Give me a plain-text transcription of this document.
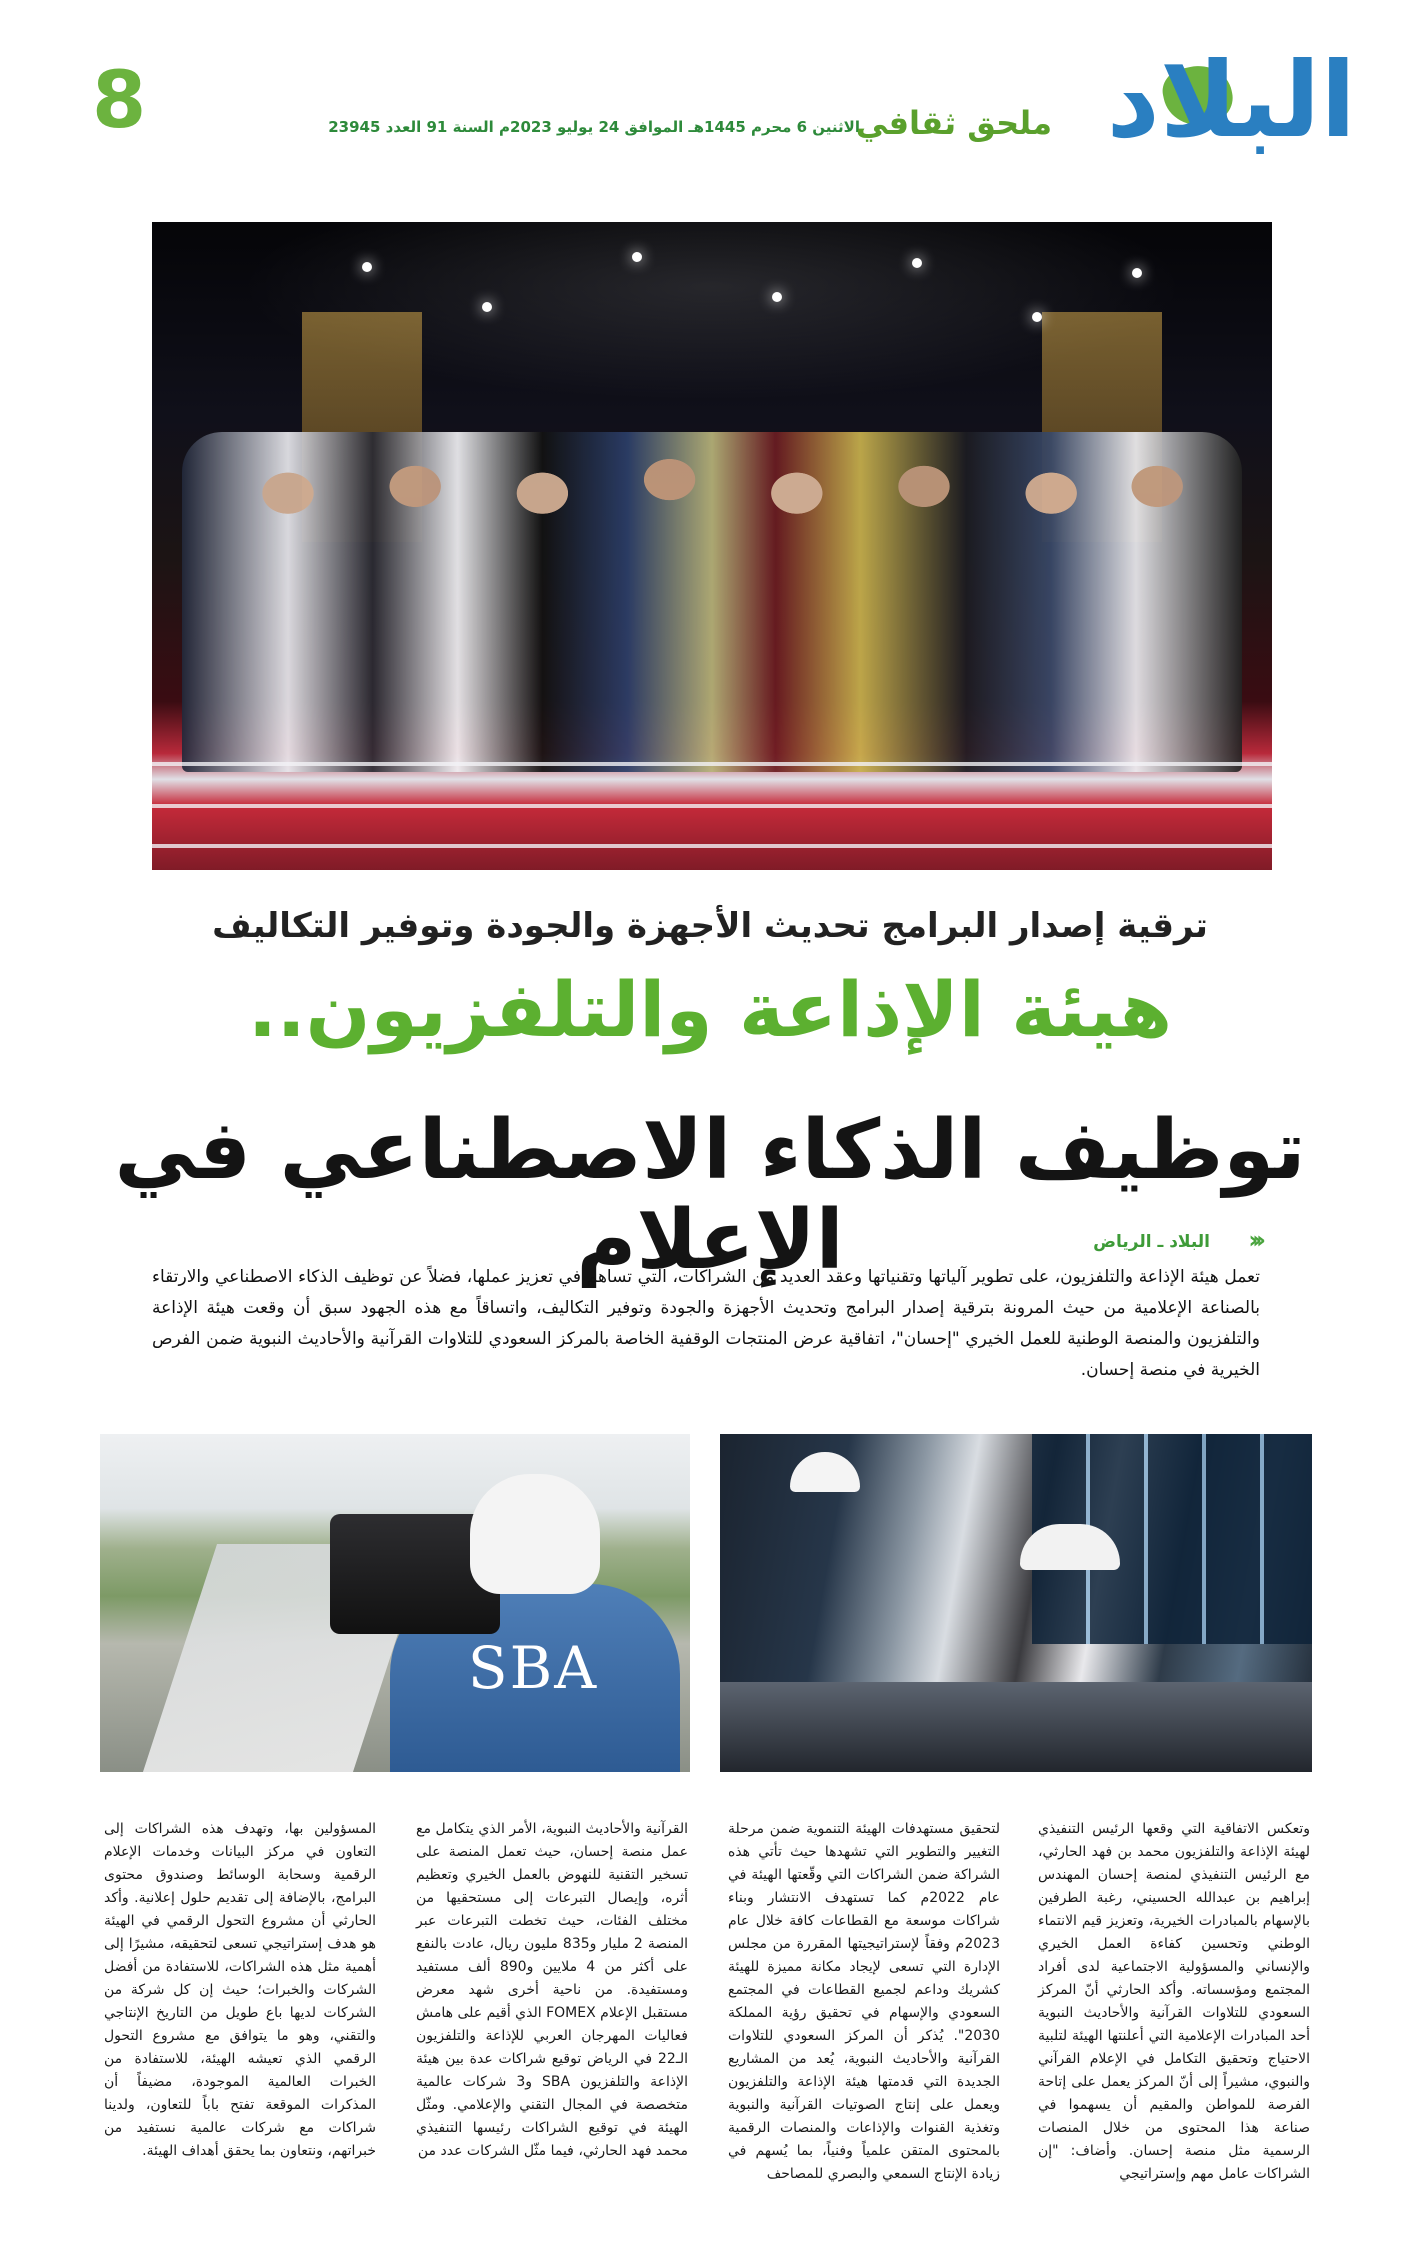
8	الاثنين 6 محرم 1445هـ الموافق 24 يوليو 2023م السنة 91 العدد 23945
ملحق ثقافي البلاد
ترقية إصدار البرامج تحديث الأجهزة والجودة وتوفير التكاليف
هيئة الإذاعة والتلفزيون..
توظيف الذكاء الاصطناعي في الإعلام	‹‹‹
البلاد ـ الرياض
تعمل هيئة الإذاعة والتلفزيون، على تطوير آلياتها وتقنياتها وعقد العديد من الشراكات، التي تساهم في تعزيز عملها، فضلاً عن توظيف الذكاء الاصطناعي والارتقاء بالصناعة الإعلامية من حيث المرونة بترقية إصدار البرامج وتحديث الأجهزة والجودة وتوفير التكاليف، واتساقاً مع هذه الجهود سبق أن وقعت هيئة الإذاعة والتلفزيون والمنصة الوطنية للعمل الخيري "إحسان"، اتفاقية عرض المنتجات الوقفية الخاصة بالمركز السعودي للتلاوات القرآنية والأحاديث النبوية ضمن الفرص الخيرية في منصة إحسان.
SBA
وتعكس الاتفاقية التي وقعها الرئيس التنفيذي لهيئة الإذاعة والتلفزيون محمد بن فهد الحارثي، مع الرئيس التنفيذي لمنصة إحسان المهندس إبراهيم بن عبدالله الحسيني، رغبة الطرفين بالإسهام بالمبادرات الخيرية، وتعزيز قيم الانتماء الوطني وتحسين كفاءة العمل الخيري والإنساني والمسؤولية الاجتماعية لدى أفراد المجتمع ومؤسساته. وأكد الحارثي أنّ المركز السعودي للتلاوات القرآنية والأحاديث النبوية أحد المبادرات الإعلامية التي أعلنتها الهيئة لتلبية الاحتياج وتحقيق التكامل في الإعلام القرآني والنبوي، مشيراً إلى أنّ المركز يعمل على إتاحة الفرصة للمواطن والمقيم أن يسهموا في صناعة هذا المحتوى من خلال المنصات الرسمية مثل منصة إحسان. وأضاف: "إن الشراكات عامل مهم وإستراتيجي
لتحقيق مستهدفات الهيئة التنموية ضمن مرحلة التغيير والتطوير التي تشهدها حيث تأتي هذه الشراكة ضمن الشراكات التي وقّعتها الهيئة في عام 2022م كما تستهدف الانتشار وبناء شراكات موسعة مع القطاعات كافة خلال عام 2023م وفقاً لإستراتيجيتها المقررة من مجلس الإدارة التي تسعى لإيجاد مكانة مميزة للهيئة كشريك وداعم لجميع القطاعات في المجتمع السعودي والإسهام في تحقيق رؤية المملكة 2030". يُذكر أن المركز السعودي للتلاوات القرآنية والأحاديث النبوية، يُعد من المشاريع الجديدة التي قدمتها هيئة الإذاعة والتلفزيون ويعمل على إنتاج الصوتيات القرآنية والنبوية وتغذية القنوات والإذاعات والمنصات الرقمية بالمحتوى المتقن علمياً وفنياً، بما يُسهم في زيادة الإنتاج السمعي والبصري للمصاحف
القرآنية والأحاديث النبوية، الأمر الذي يتكامل مع عمل منصة إحسان، حيث تعمل المنصة على تسخير التقنية للنهوض بالعمل الخيري وتعظيم أثره، وإيصال التبرعات إلى مستحقيها من مختلف الفئات، حيث تخطت التبرعات عبر المنصة 2 مليار و835 مليون ريال، عادت بالنفع على أكثر من 4 ملايين و890 ألف مستفيد ومستفيدة. من ناحية أخرى شهد معرض مستقبل الإعلام FOMEX الذي أقيم على هامش فعاليات المهرجان العربي للإذاعة والتلفزيون الـ22 في الرياض توقيع شراكات عدة بين هيئة الإذاعة والتلفزيون SBA و3 شركات عالمية متخصصة في المجال التقني والإعلامي. ومثّل الهيئة في توقيع الشراكات رئيسها التنفيذي محمد فهد الحارثي، فيما مثّل الشركات عدد من
المسؤولين بها، وتهدف هذه الشراكات إلى التعاون في مركز البيانات وخدمات الإعلام الرقمية وسحابة الوسائط وصندوق محتوى البرامج، بالإضافة إلى تقديم حلول إعلانية. وأكد الحارثي أن مشروع التحول الرقمي في الهيئة هو هدف إستراتيجي تسعى لتحقيقه، مشيرًا إلى أهمية مثل هذه الشراكات، للاستفادة من أفضل الشركات والخبرات؛ حيث إن كل شركة من الشركات لديها باع طويل من التاريخ الإنتاجي والتقني، وهو ما يتوافق مع مشروع التحول الرقمي الذي تعيشه الهيئة، للاستفادة من الخبرات العالمية الموجودة، مضيفاً أن المذكرات الموقعة تفتح باباً للتعاون، ولدينا شراكات مع شركات عالمية نستفيد من خبراتهم، ونتعاون بما يحقق أهداف الهيئة.
